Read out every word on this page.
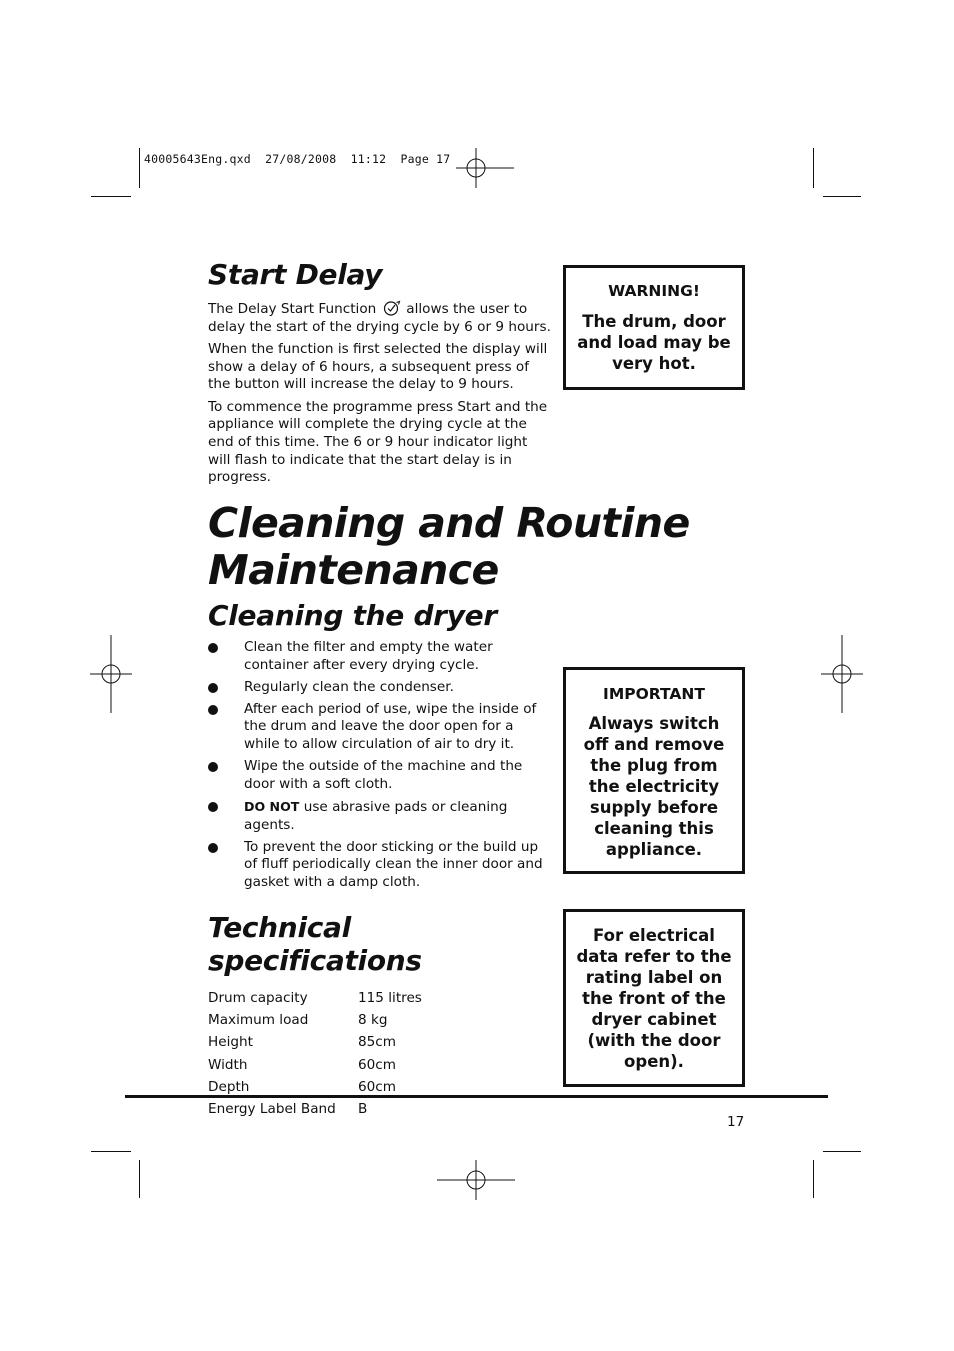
40005643Eng.qxd  27/08/2008  11:12  Page 17
Start Delay

The Delay Start Function allows the user to delay the start of the drying cycle by 6 or 9 hours.

When the function is first selected the display will show a delay of 6 hours, a subsequent press of the button will increase the delay to 9 hours.

To commence the programme press Start and the appliance will complete the drying cycle at the end of this time. The 6 or 9 hour indicator light will flash to indicate that the start delay is in progress.

WARNING!
The drum, door and load may be very hot.
Cleaning and Routine
Maintenance
Cleaning the dryer
Clean the filter and empty the water container after every drying cycle.
Regularly clean the condenser.
After each period of use, wipe the inside of the drum and leave the door open for a while to allow circulation of air to dry it.
Wipe the outside of the machine and the door with a soft cloth.
DO NOT use abrasive pads or cleaning agents.
To prevent the door sticking or the build up of fluff periodically clean the inner door and gasket with a damp cloth.
IMPORTANT
Always switch off and remove the plug from the electricity supply before cleaning this appliance.
Technical specifications
Drum capacity	115 litres
Maximum load	8 kg
Height	85cm
Width	60cm
Depth	60cm
Energy Label Band	B
For electrical data refer to the rating label on the front of the dryer cabinet (with the door open).
17
